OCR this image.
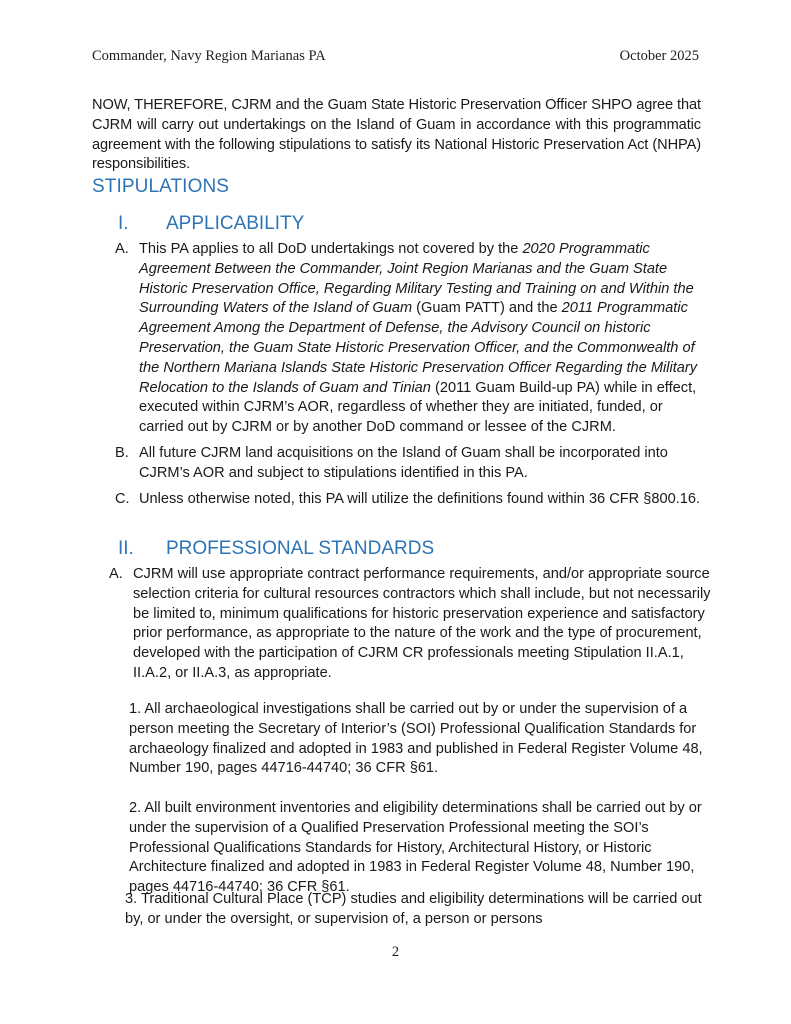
Commander, Navy Region Marianas PA	October 2025
NOW, THEREFORE, CJRM and the Guam State Historic Preservation Officer SHPO agree that CJRM will carry out undertakings on the Island of Guam in accordance with this programmatic agreement with the following stipulations to satisfy its National Historic Preservation Act (NHPA) responsibilities.
STIPULATIONS
I. APPLICABILITY
A. This PA applies to all DoD undertakings not covered by the 2020 Programmatic Agreement Between the Commander, Joint Region Marianas and the Guam State Historic Preservation Office, Regarding Military Testing and Training on and Within the Surrounding Waters of the Island of Guam (Guam PATT) and the 2011 Programmatic Agreement Among the Department of Defense, the Advisory Council on historic Preservation, the Guam State Historic Preservation Officer, and the Commonwealth of the Northern Mariana Islands State Historic Preservation Officer Regarding the Military Relocation to the Islands of Guam and Tinian (2011 Guam Build-up PA) while in effect, executed within CJRM’s AOR, regardless of whether they are initiated, funded, or carried out by CJRM or by another DoD command or lessee of the CJRM.
B. All future CJRM land acquisitions on the Island of Guam shall be incorporated into CJRM’s AOR and subject to stipulations identified in this PA.
C. Unless otherwise noted, this PA will utilize the definitions found within 36 CFR §800.16.
II. PROFESSIONAL STANDARDS
A. CJRM will use appropriate contract performance requirements, and/or appropriate source selection criteria for cultural resources contractors which shall include, but not necessarily be limited to, minimum qualifications for historic preservation experience and satisfactory prior performance, as appropriate to the nature of the work and the type of procurement, developed with the participation of CJRM CR professionals meeting Stipulation II.A.1, II.A.2, or II.A.3, as appropriate.
1. All archaeological investigations shall be carried out by or under the supervision of a person meeting the Secretary of Interior’s (SOI) Professional Qualification Standards for archaeology finalized and adopted in 1983 and published in Federal Register Volume 48, Number 190, pages 44716-44740; 36 CFR §61.
2. All built environment inventories and eligibility determinations shall be carried out by or under the supervision of a Qualified Preservation Professional meeting the SOI’s Professional Qualifications Standards for History, Architectural History, or Historic Architecture finalized and adopted in 1983 in Federal Register Volume 48, Number 190, pages 44716-44740; 36 CFR §61.
3. Traditional Cultural Place (TCP) studies and eligibility determinations will be carried out by, or under the oversight, or supervision of, a person or persons
2
